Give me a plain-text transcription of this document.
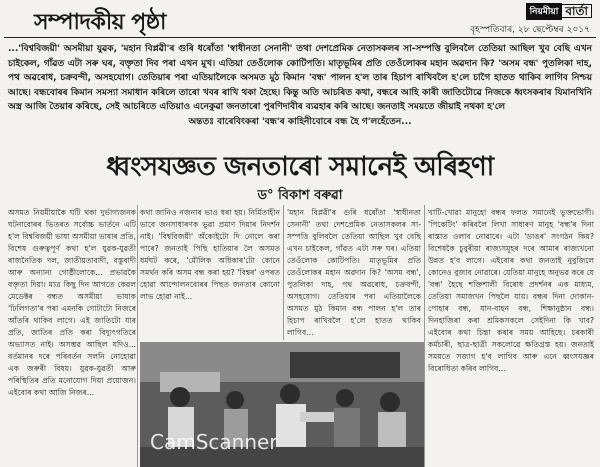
সম্পাদকীয় পৃষ্ঠা	নিয়মীয়া বাৰ্তা
বৃহস্পতিবাৰ, ২৮ ছেপ্টেম্বৰ ২০১৭
...'বিশ্ববিজয়ী' অসমীয়া যুৱক, 'মহান বিপ্লৱী'ৰ গুৰি ধৰোঁতা 'স্বাধীনতা সেনানী' তথা দেশপ্ৰেমিক নেতাসকলৰ সা-সম্পত্তি বুলিবলৈ তেতিয়া আছিল খুব বেছি এখন চাইকেল, গাঁৱত এটা সৰু ঘৰ, বক্তৃতা দিব পৰা এখন মুখ। এতিয়া তেওঁলোক কোটিপতি। মাতৃভূমিৰ প্ৰতি তেওঁলোকৰ মহান অৱদান কি? 'অসম বন্ধ' পুতলিকা দাহ, পথ অৱৰোধ, চক্ৰবন্দী, অসহযোগ। তেতিয়াৰ পৰা এতিয়ালৈকে অসমত মুঠ কিমান 'বন্ধ' পালন হ'ল তাৰ হিচাপ ৰাখিবলৈ হ'লে চাগৈ হাতত থাকিব লাগিব নিশ্চয় আছে। বন্ধবোৰৰ কিমান সমস্যা সমাধান কৰিলে তাৰো খবৰ ৰাখি থকা হৈছে। কিন্তু অতি আচৰিত কথা, বন্ধৰে আহি কাৰী জাতিটোৱে নিজকে ধ্বংসকৰাৰ যিমানখিনি অস্ত্ৰ আজি তৈয়াৰ কৰিছে, সেই আচৰিতে এতিয়াও এনেকুৱা জনতাৰো পুৰণিদাবীৰ ব্যৱহাৰ কৰি আছে। জনতাই সময়তে জীয়াই নথকা হ'লে
অন্ততঃ বাৰেবিংকৰা 'বন্ধ'ৰ কাহিনীবোৰে বন্ধ হৈ গ'লহেঁতেন...
ধ্বংসযজ্ঞত জনতাৰো সমানেই অৰিহণা
ড° বিকাশ বৰুৱা
অসমত নিয়মীয়াকৈ ঘটি থকা দুৰ্ভাগ্যজনক ঘটনাবোৰৰ ভিতৰত সৰ্বোচ্চ ভাৰ্তনে এটি হ'ল বিশ্ববিজয়ী ভাষা অসমীয়া ভাষাৰ প্ৰতি, বিশেষ গুৰুত্বপূৰ্ণ কথা হ'ল যুৱক-যুৱতী ৰাজনৈতিক দল, জাতীয়তাবাদী, বস্তুবাদী আৰু অন্যান্য গোষ্ঠীলোকে... প্ৰভাৱকৈ বক্তৃতা দিয়া। মাত্ৰ কিছু দিন আগতে কেৱল মেডেক্টৰ বন্ধত অসমীয়া ভাষাক 'ঢিলিগতা'ৰ পৰা এমনকি গোটাটো নিজৰে আঁতৰি থাকিব লাগে। এই জাতিটো যাৰ প্ৰতি, জাতিৰ প্ৰতি কৰা বিদ্যুৎগতিৰে অভ্যাসত নাই। অসম্ভৱ আছিল যদিও... বৰ্তমানৰ দৰে পৰিবৰ্তন সলনি নোহোৱা এক জৰুৰী বিষয়। যুৱক-যুৱতী আৰু পৰিস্থিতিৰ প্ৰতি মনোযোগ দিয়া প্ৰয়োজন। এইবোৰ কথা আজি নিজৰ...
কথা জানিও নজনাৰ ভাও ধৰা হয়। নিৰ্মিতাহীন ভাবে জনসাধাৰণক ভুৱা প্ৰমাণ দিয়াৰ নিদৰ্শন নাই। 'বিশ্ববিজয়ী' অঁকোইটো দি নোলে কৰা পাৰে? জনতাই পিছি হাতিয়াৰ লৈ অসমত ধৰ্মঘট কৰে, 'মৌলিক অধিকাৰ'টো কোনে সমৰ্থন কৰি অসম বন্ধ কৰা হয়? 'বিশ্বৰ' ওপৰত হোৱা আন্দোলনবোৰৰ পিছত জনতাৰ কোনো লাভ হোৱা নাই...
'মহান বিপ্লৱী'ৰ গুৰি ধৰোঁতা 'স্বাধীনতা সেনানী' তথা দেশপ্ৰেমিক নেতাসকলৰ সা-সম্পত্তি বুলিবলৈ তেতিয়া আছিল খুব বেছি এখন চাইকেল, গাঁৱত এটা সৰু ঘৰ। এতিয়া তেওঁলোক কোটিপতি। মাতৃভূমিৰ প্ৰতি তেওঁলোকৰ মহান অৱদান কি? 'অসম বন্ধ', পুতলিকা দাহ, পথ অৱৰোধ, চক্ৰবন্দী, অসহযোগ। তেতিয়াৰ পৰা এতিয়ালৈকে অসমত মুঠ কিমান বন্ধ পালন হ'ল তাৰ হিচাপ ৰাখিবলৈ হ'লে হাতত থাকিব লাগিব...
খাটি-খোৱা মানুহো বন্ধৰ ফলত সমানেই ভুক্তভোগী। 'পিকেটিং' কৰিবলৈ লিখা সাধাৰণ মানুহ 'বন্ধ'ৰ দিনা ৰাস্তাত ওলাব নোৱাৰে। এটা 'ডাঙৰ' সংগঠন কিয়? বিশেষকৈ চুবুৰীয়া ৰাজ্যসমূহৰ দৰে আমাৰ ৰাজ্যখনো উন্নত হ'ব লাগে। এইবোৰ কথা জনতাই নুবুজিলে কোনেও বুজাব নোৱাৰে। যেতিয়া মানুহে অনুভৱ কৰে যে 'বন্ধ' হৈছে শক্তিশালী বিৰোধ প্ৰদৰ্শনৰ এক মাধ্যম, তেতিয়া সমাজখন পিছলৈ যায়। বন্ধৰ দিনা দোকান-পোহাৰ বন্ধ, যান-বাহন বন্ধ, শিক্ষানুষ্ঠান বন্ধ। দিনহাজিৰা কৰা শ্ৰমিকসকলে সেইদিনা কি খাব? এইবোৰ কথা চিন্তা কৰাৰ সময় আহিছে। চৰকাৰী কৰ্মচাৰী, ছাত্ৰ-ছাত্ৰী সকলোৱে ক্ষতিগ্ৰস্ত হয়। জনতাই সময়তে সজাগ হ'ব লাগিব আৰু এনে ধ্বংসযজ্ঞৰ বিৰোধিতা কৰিব লাগিব...
CamScanner
